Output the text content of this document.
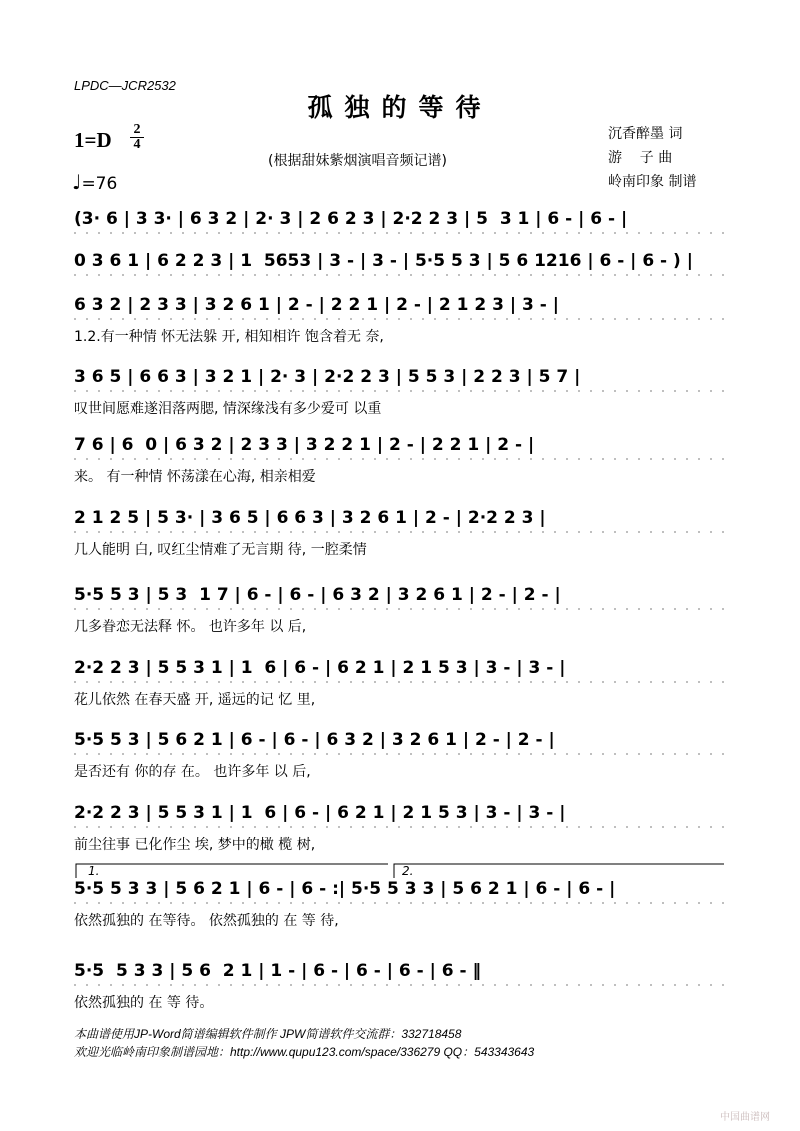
LPDC—JCR2532
孤独的等待
1=D 2
4
(根据甜妹紫烟演唱音频记谱)
沉香醉墨 词
游    子 曲
岭南印象 制谱
♩=76
(3· 6 | 3 3· | 6 3 2 | 2· 3 | 2 6 2 3 | 2·2 2 3 | 5  3 1 | 6 - | 6 - |
0 3 6 1 | 6 2 2 3 | 1  5653 | 3 - | 3 - | 5·5 5 3 | 5 6 1216 | 6 - | 6 - ) |
6 3 2 | 2 3 3 | 3 2 6 1 | 2 - | 2 2 1 | 2 - | 2 1 2 3 | 3 - |
1.2.有一种情 怀无法躲 开, 相知相许 饱含着无 奈,
3 6 5 | 6 6 3 | 3 2 1 | 2· 3 | 2·2 2 3 | 5 5 3 | 2 2 3 | 5 7 |
叹世间愿难遂泪落两腮, 情深缘浅有多少爱可 以重
7 6 | 6  0 | 6 3 2 | 2 3 3 | 3 2 2 1 | 2 - | 2 2 1 | 2 - |
来。 有一种情 怀荡漾在心海, 相亲相爱
2 1 2 5 | 5 3· | 3 6 5 | 6 6 3 | 3 2 6 1 | 2 - | 2·2 2 3 |
几人能明 白, 叹红尘情难了无言期 待, 一腔柔情
5·5 5 3 | 5 3  1 7 | 6 - | 6 - | 6 3 2 | 3 2 6 1 | 2 - | 2 - |
几多眷恋无法释 怀。 也许多年 以 后,
2·2 2 3 | 5 5 3 1 | 1  6 | 6 - | 6 2 1 | 2 1 5 3 | 3 - | 3 - |
花儿依然 在春天盛 开, 遥远的记 忆 里,
5·5 5 3 | 5 6 2 1 | 6 - | 6 - | 6 3 2 | 3 2 6 1 | 2 - | 2 - |
是否还有 你的存 在。 也许多年 以 后,
2·2 2 3 | 5 5 3 1 | 1  6 | 6 - | 6 2 1 | 2 1 5 3 | 3 - | 3 - |
前尘往事 已化作尘 埃, 梦中的橄 榄 树,
5·5 5 3 3 | 5 6 2 1 | 6 - | 6 - :| 5·5 5 3 3 | 5 6 2 1 | 6 - | 6 - |
依然孤独的 在等待。 依然孤独的 在 等 待,
5·5  5 3 3 | 5 6  2 1 | 1 - | 6 - | 6 - | 6 - | 6 - ‖
依然孤独的 在 等 待。
1.	2.
本曲谱使用JP-Word简谱编辑软件制作 JPW简谱软件交流群：332718458
欢迎光临岭南印象制谱园地：http://www.qupu123.com/space/336279 QQ：543343643
中国曲谱网
